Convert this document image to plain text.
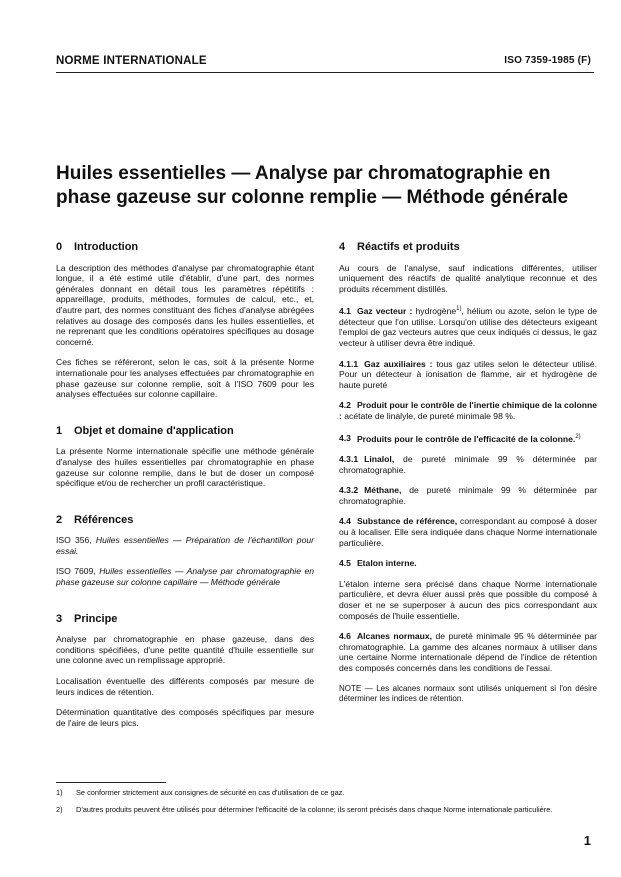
NORME INTERNATIONALE	ISO 7359-1985 (F)
Huiles essentielles — Analyse par chromatographie en
phase gazeuse sur colonne remplie — Méthode générale
0 Introduction

La description des méthodes d'analyse par chromatographie étant longue, il a été estimé utile d'établir, d'une part, des normes générales donnant en détail tous les paramètres répétitifs : appareillage, produits, méthodes, formules de calcul, etc., et, d'autre part, des normes constituant des fiches d'analyse abrégées relatives au dosage des composés dans les huiles essentielles, et ne reprenant que les conditions opératoires spécifiques au dosage concerné.

Ces fiches se référeront, selon le cas, soit à la présente Norme internationale pour les analyses effectuées par chromatographie en phase gazeuse sur colonne remplie, soit à l'ISO 7609 pour les analyses effectuées sur colonne capillaire.

1 Objet et domaine d'application

La présente Norme internationale spécifie une méthode générale d'analyse des huiles essentielles par chromatographie en phase gazeuse sur colonne remplie, dans le but de doser un composé spécifique et/ou de rechercher un profil caractéristique.

2 Références

ISO 356, Huiles essentielles — Préparation de l'échantillon pour essai.

ISO 7609, Huiles essentielles — Analyse par chromatographie en phase gazeuse sur colonne capillaire — Méthode générale

3 Principe

Analyse par chromatographie en phase gazeuse, dans des conditions spécifiées, d'une petite quantité d'huile essentielle sur une colonne avec un remplissage approprié.

Localisation éventuelle des différents composés par mesure de leurs indices de rétention.

Détermination quantitative des composés spécifiques par mesure de l'aire de leurs pics.

4 Réactifs et produits

Au cours de l'analyse, sauf indications différentes, utiliser uniquement des réactifs de qualité analytique reconnue et des produits récemment distillés.

4.1 Gaz vecteur : hydrogène$^{1)}$, hélium ou azote, selon le type de détecteur que l'on utilise. Lorsqu'on utilise des détecteurs exigeant l'emploi de gaz vecteurs autres que ceux indiqués ci dessus, le gaz vecteur à utiliser devra être indiqué.

4.1.1 Gaz auxiliaires : tous gaz utiles selon le détecteur utilisé. Pour un détecteur à ionisation de flamme, air et hydrogène de haute pureté

4.2 Produit pour le contrôle de l'inertie chimique de la colonne : acétate de linalyle, de pureté minimale 98 %.

4.3 Produits pour le contrôle de l'efficacité de la colonne.$^{2)}$

4.3.1 Linalol, de pureté minimale 99 % déterminée par chromatographie.

4.3.2 Méthane, de pureté minimale 99 % déterminée par chromatographie.

4.4 Substance de référence, correspondant au composé à doser ou à localiser. Elle sera indiquée dans chaque Norme internationale particulière.

4.5 Etalon interne.

L'étalon interne sera précisé dans chaque Norme internationale particulière, et devra éluer aussi près que possible du composé à doser et ne se superposer à aucun des pics correspondant aux composés de l'huile essentielle.

4.6 Alcanes normaux, de pureté minimale 95 % déterminée par chromatographie. La gamme des alcanes normaux à utiliser dans une certaine Norme internationale dépend de l'indice de rétention des composés concernés dans les conditions de l'essai.

NOTE — Les alcanes normaux sont utilisés uniquement si l'on désire déterminer les indices de rétention.

1) Se conformer strictement aux consignes de sécurité en cas d'utilisation de ce gaz.
2) D'autres produits peuvent être utilisés pour déterminer l'efficacité de la colonne; ils seront précisés dans chaque Norme internationale particulière.
1
